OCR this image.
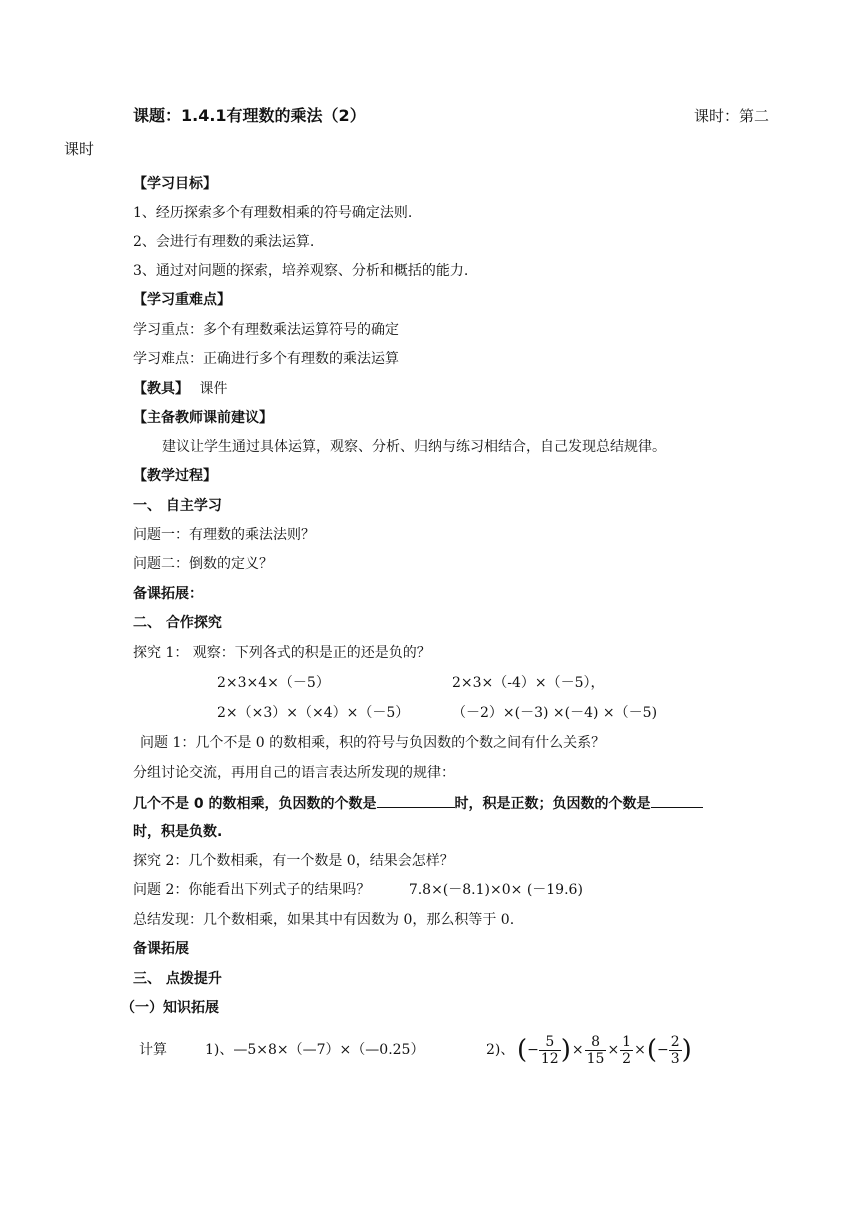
课题：1.4.1有理数的乘法（2）	课时：第二
课时
【学习目标】
1、经历探索多个有理数相乘的符号确定法则.
2、会进行有理数的乘法运算.
3、通过对问题的探索，培养观察、分析和概括的能力.
【学习重难点】
学习重点：多个有理数乘法运算符号的确定
学习难点：正确进行多个有理数的乘法运算
【教具】 课件
【主备教师课前建议】
建议让学生通过具体运算，观察、分析、归纳与练习相结合，自己发现总结规律。
【教学过程】
一、 自主学习
问题一：有理数的乘法法则？
问题二：倒数的定义？
备课拓展：
二、 合作探究
探究 1： 观察：下列各式的积是正的还是负的？
2×3×4×（－5）	2×3×（-4）×（－5），
2×（×3）×（×4）×（－5）	（－2）×(－3) ×(－4) ×（－5)
问题 1：几个不是 0 的数相乘，积的符号与负因数的个数之间有什么关系？
分组讨论交流，再用自己的语言表达所发现的规律：
几个不是 0 的数相乘，负因数的个数是	时，积是正数；负因数的个数是
时，积是负数.
探究 2：几个数相乘，有一个数是 0，结果会怎样？
问题 2：你能看出下列式子的结果吗？	7.8×(－8.1)×0× (－19.6)
总结发现：几个数相乘，如果其中有因数为 0，那么积等于 0.
备课拓展
三、 点拨提升
（一）知识拓展
计算	1)、—5×8×（—7）×（—0.25）	2)、 (− $\frac{5}{12}$ )× $\frac{8}{15} \times \frac{1}{2}$ ×(− $\frac{2}{3}$ )
